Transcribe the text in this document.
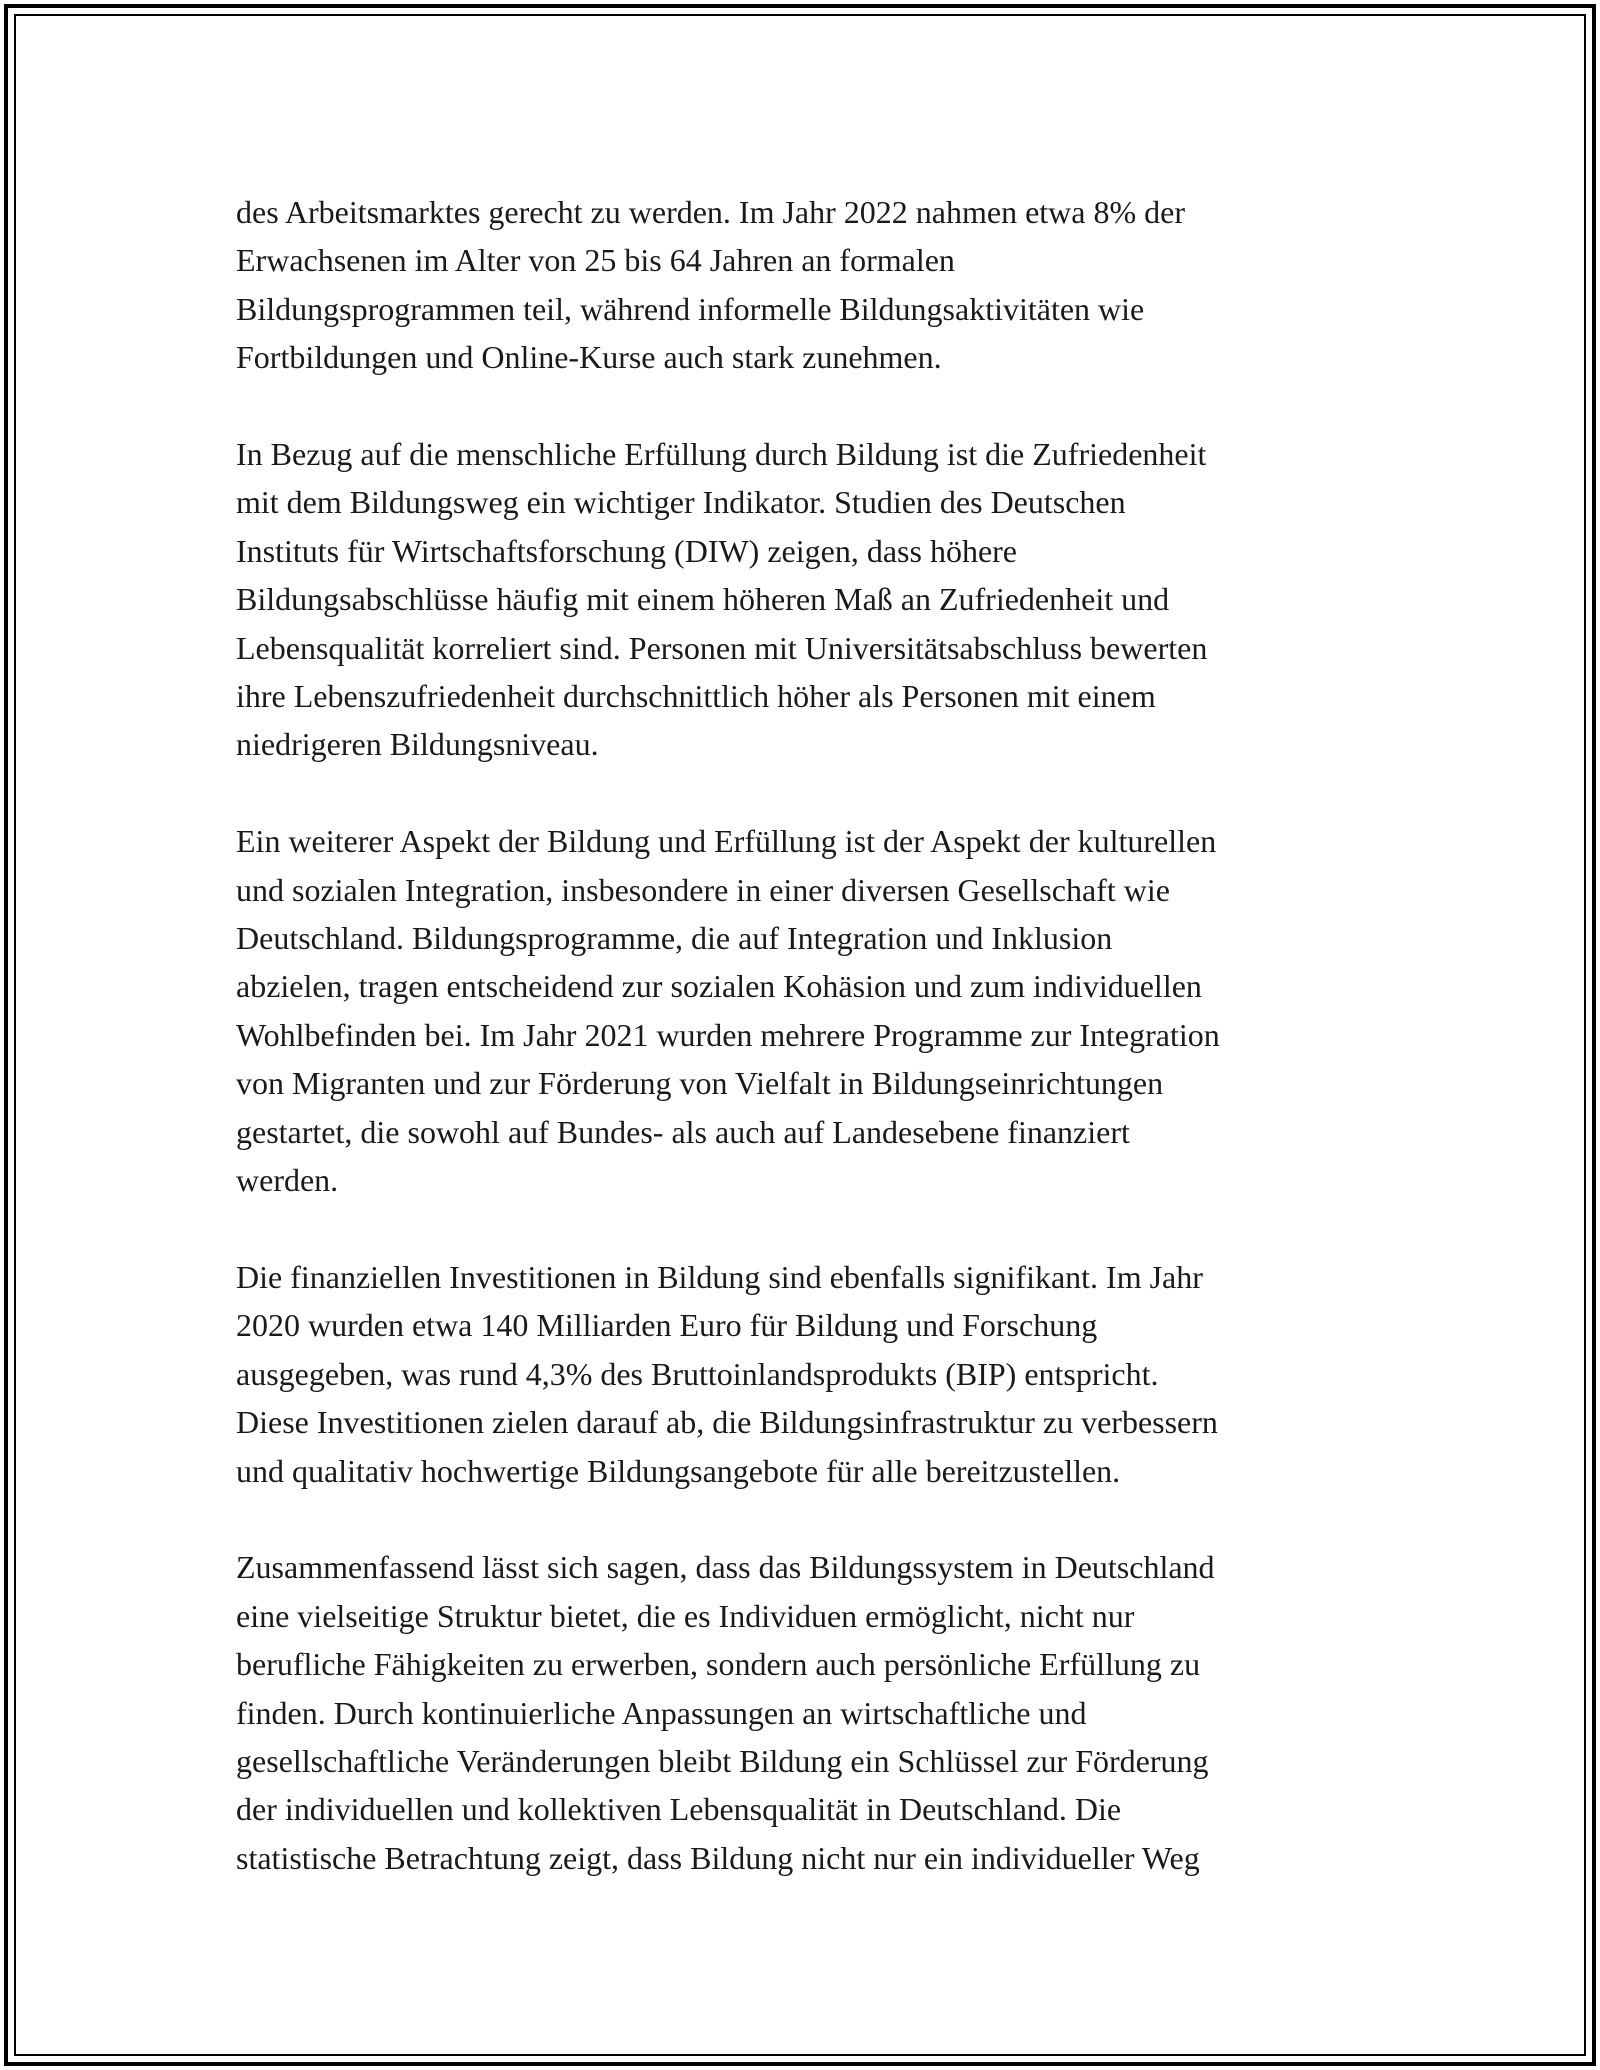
des Arbeitsmarktes gerecht zu werden. Im Jahr 2022 nahmen etwa 8% der
Erwachsenen im Alter von 25 bis 64 Jahren an formalen
Bildungsprogrammen teil, während informelle Bildungsaktivitäten wie
Fortbildungen und Online-Kurse auch stark zunehmen.

In Bezug auf die menschliche Erfüllung durch Bildung ist die Zufriedenheit
mit dem Bildungsweg ein wichtiger Indikator. Studien des Deutschen
Instituts für Wirtschaftsforschung (DIW) zeigen, dass höhere
Bildungsabschlüsse häufig mit einem höheren Maß an Zufriedenheit und
Lebensqualität korreliert sind. Personen mit Universitätsabschluss bewerten
ihre Lebenszufriedenheit durchschnittlich höher als Personen mit einem
niedrigeren Bildungsniveau.

Ein weiterer Aspekt der Bildung und Erfüllung ist der Aspekt der kulturellen
und sozialen Integration, insbesondere in einer diversen Gesellschaft wie
Deutschland. Bildungsprogramme, die auf Integration und Inklusion
abzielen, tragen entscheidend zur sozialen Kohäsion und zum individuellen
Wohlbefinden bei. Im Jahr 2021 wurden mehrere Programme zur Integration
von Migranten und zur Förderung von Vielfalt in Bildungseinrichtungen
gestartet, die sowohl auf Bundes- als auch auf Landesebene finanziert
werden.

Die finanziellen Investitionen in Bildung sind ebenfalls signifikant. Im Jahr
2020 wurden etwa 140 Milliarden Euro für Bildung und Forschung
ausgegeben, was rund 4,3% des Bruttoinlandsprodukts (BIP) entspricht.
Diese Investitionen zielen darauf ab, die Bildungsinfrastruktur zu verbessern
und qualitativ hochwertige Bildungsangebote für alle bereitzustellen.

Zusammenfassend lässt sich sagen, dass das Bildungssystem in Deutschland
eine vielseitige Struktur bietet, die es Individuen ermöglicht, nicht nur
berufliche Fähigkeiten zu erwerben, sondern auch persönliche Erfüllung zu
finden. Durch kontinuierliche Anpassungen an wirtschaftliche und
gesellschaftliche Veränderungen bleibt Bildung ein Schlüssel zur Förderung
der individuellen und kollektiven Lebensqualität in Deutschland. Die
statistische Betrachtung zeigt, dass Bildung nicht nur ein individueller Weg
